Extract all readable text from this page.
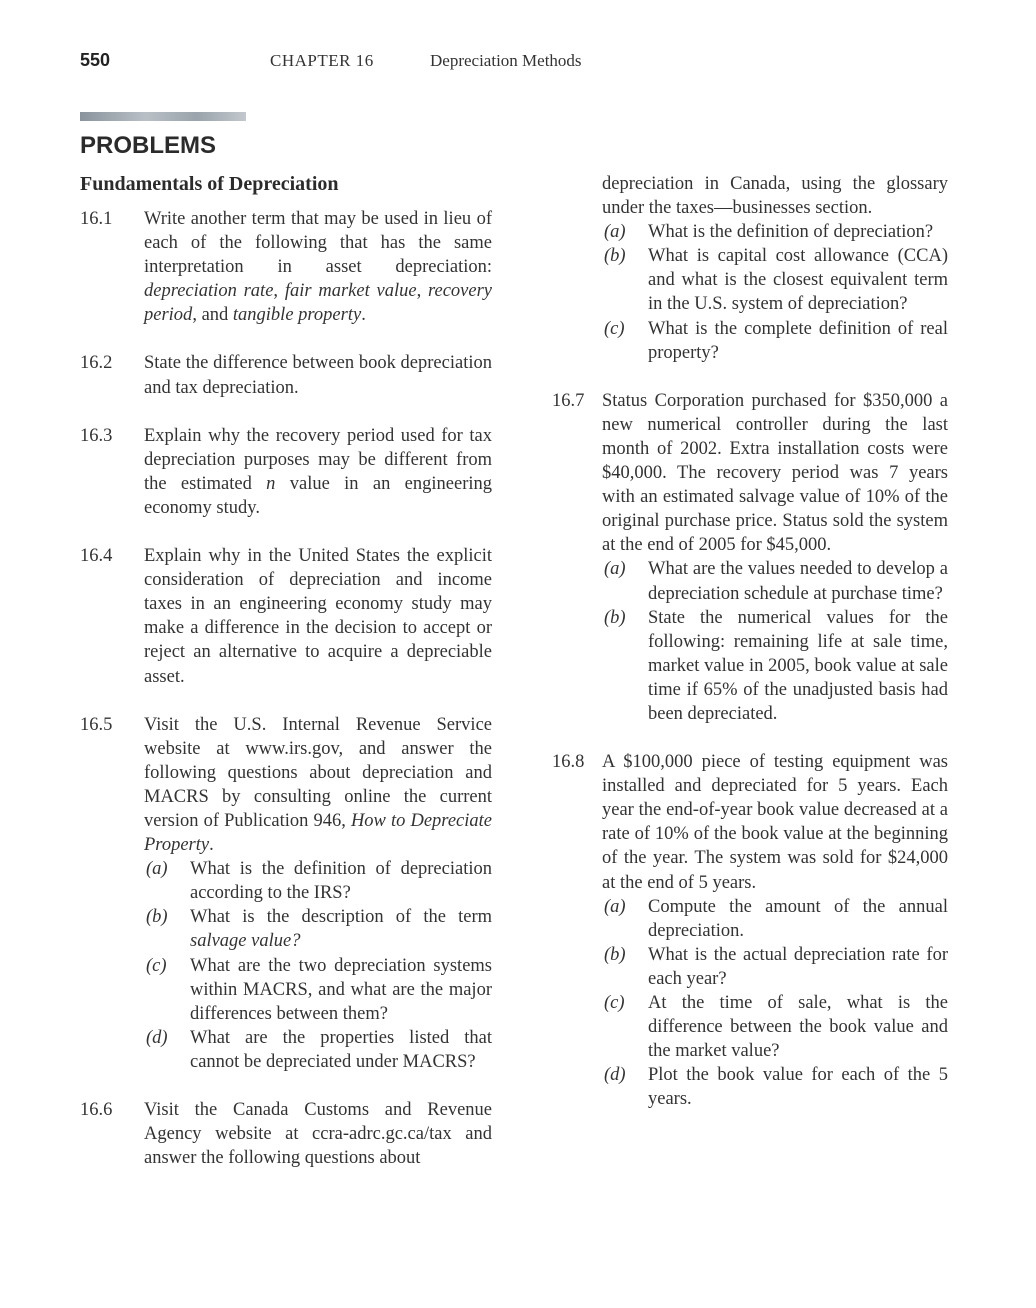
550	CHAPTER 16	Depreciation Methods
PROBLEMS
Fundamentals of Depreciation
16.1 Write another term that may be used in lieu of each of the following that has the same interpretation in asset depreciation: depreciation rate, fair market value, recovery period, and tangible property.

16.2 State the difference between book depreciation and tax depreciation.

16.3 Explain why the recovery period used for tax depreciation purposes may be different from the estimated n value in an engineering economy study.

16.4 Explain why in the United States the explicit consideration of depreciation and income taxes in an engineering economy study may make a difference in the decision to accept or reject an alternative to acquire a depreciable asset.

16.5 Visit the U.S. Internal Revenue Service website at www.irs.gov, and answer the following questions about depreciation and MACRS by consulting online the current version of Publication 946, How to Depreciate Property.

(a) What is the definition of depreciation according to the IRS?

(b) What is the description of the term salvage value?

(c) What are the two depreciation systems within MACRS, and what are the major differences between them?

(d) What are the properties listed that cannot be depreciated under MACRS?

16.6 Visit the Canada Customs and Revenue Agency website at ccra-adrc.gc.ca/tax and answer the following questions about

depreciation in Canada, using the glossary under the taxes—businesses section.

(a) What is the definition of depreciation?

(b) What is capital cost allowance (CCA) and what is the closest equivalent term in the U.S. system of depreciation?

(c) What is the complete definition of real property?

16.7 Status Corporation purchased for $350,000 a new numerical controller during the last month of 2002. Extra installation costs were $40,000. The recovery period was 7 years with an estimated salvage value of 10% of the original purchase price. Status sold the system at the end of 2005 for $45,000.

(a) What are the values needed to develop a depreciation schedule at purchase time?

(b) State the numerical values for the following: remaining life at sale time, market value in 2005, book value at sale time if 65% of the unadjusted basis had been depreciated.

16.8 A $100,000 piece of testing equipment was installed and depreciated for 5 years. Each year the end-of-year book value decreased at a rate of 10% of the book value at the beginning of the year. The system was sold for $24,000 at the end of 5 years.

(a) Compute the amount of the annual depreciation.

(b) What is the actual depreciation rate for each year?

(c) At the time of sale, what is the difference between the book value and the market value?

(d) Plot the book value for each of the 5 years.
